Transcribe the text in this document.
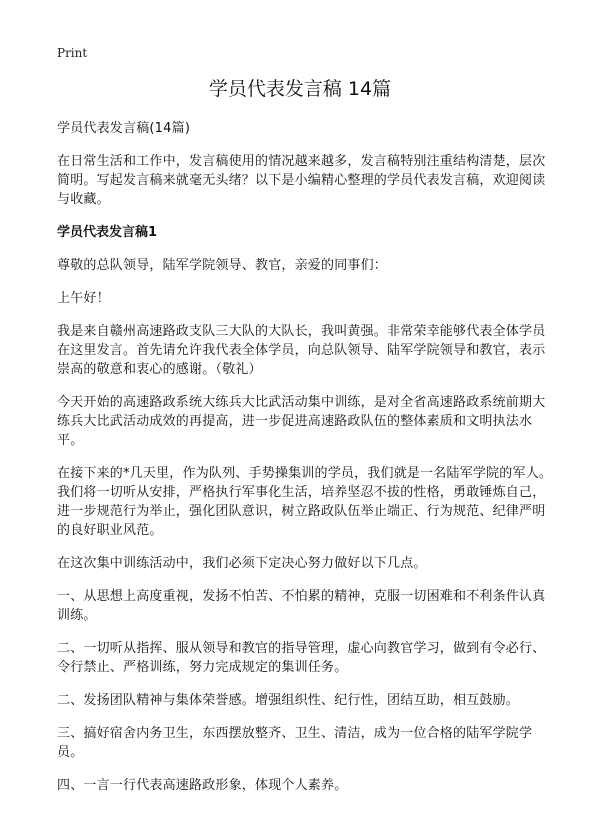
Print
学员代表发言稿 14篇

学员代表发言稿(14篇)

在日常生活和工作中，发言稿使用的情况越来越多，发言稿特别注重结构清楚，层次简明。写起发言稿来就毫无头绪？以下是小编精心整理的学员代表发言稿，欢迎阅读与收藏。

学员代表发言稿1

尊敬的总队领导，陆军学院领导、教官，亲爱的同事们：

上午好！

我是来自赣州高速路政支队三大队的大队长，我叫黄强。非常荣幸能够代表全体学员在这里发言。首先请允许我代表全体学员，向总队领导、陆军学院领导和教官，表示崇高的敬意和衷心的感谢。（敬礼）

今天开始的高速路政系统大练兵大比武活动集中训练，是对全省高速路政系统前期大练兵大比武活动成效的再提高，进一步促进高速路政队伍的整体素质和文明执法水平。

在接下来的*几天里，作为队列、手势操集训的学员，我们就是一名陆军学院的军人。我们将一切听从安排，严格执行军事化生活，培养坚忍不拔的性格，勇敢锤炼自己，进一步规范行为举止，强化团队意识，树立路政队伍举止端正、行为规范、纪律严明的良好职业风范。

在这次集中训练活动中，我们必须下定决心努力做好以下几点。

一、从思想上高度重视，发扬不怕苦、不怕累的精神，克服一切困难和不利条件认真训练。

二、一切听从指挥、服从领导和教官的指导管理，虚心向教官学习，做到有令必行、令行禁止、严格训练，努力完成规定的集训任务。

二、发扬团队精神与集体荣誉感。增强组织性、纪行性，团结互助，相互鼓励。

三、搞好宿舍内务卫生，东西摆放整齐、卫生、清洁，成为一位合格的陆军学院学员。

四、一言一行代表高速路政形象，体现个人素养。
